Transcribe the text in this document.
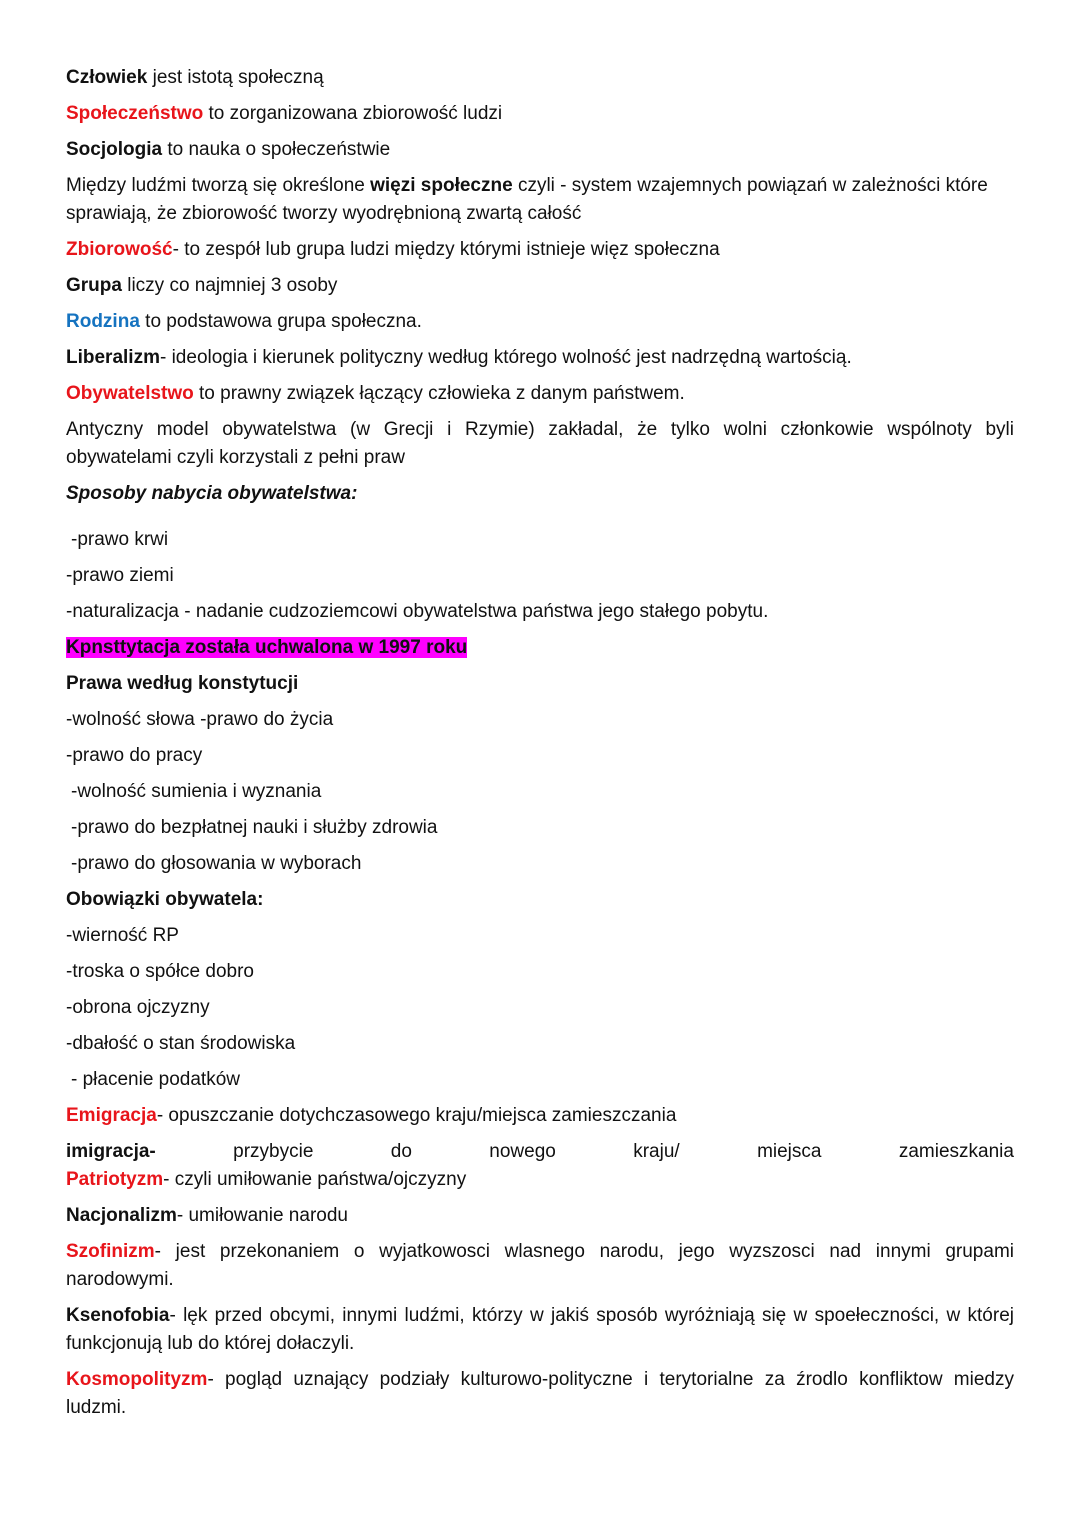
Człowiek jest istotą społeczną

Społeczeństwo to zorganizowana zbiorowość ludzi

Socjologia to nauka o społeczeństwie

Między ludźmi tworzą się określone więzi społeczne czyli - system wzajemnych powiązań w zależności które sprawiają, że zbiorowość tworzy wyodrębnioną zwartą całość

Zbiorowość- to zespół lub grupa ludzi między którymi istnieje więz społeczna

Grupa liczy co najmniej 3 osoby

Rodzina to podstawowa grupa społeczna.

Liberalizm- ideologia i kierunek polityczny według którego wolność jest nadrzędną wartością.

Obywatelstwo to prawny związek łączący człowieka z danym państwem.

Antyczny model obywatelstwa (w Grecji i Rzymie) zakładal, że tylko wolni członkowie wspólnoty byli obywatelami czyli korzystali z pełni praw

Sposoby nabycia obywatelstwa:

-prawo krwi

-prawo ziemi

-naturalizacja - nadanie cudzoziemcowi obywatelstwa państwa jego stałego pobytu.

Kpnsttytacja została uchwalona w 1997 roku

Prawa według konstytucji

-wolność słowa -prawo do życia

-prawo do pracy

-wolność sumienia i wyznania

-prawo do bezpłatnej nauki i służby zdrowia

-prawo do głosowania w wyborach

Obowiązki obywatela:

-wierność RP

-troska o spółce dobro

-obrona ojczyzny

-dbałość o stan środowiska

- płacenie podatków

Emigracja- opuszczanie dotychczasowego kraju/miejsca zamieszczania

imigracja-	przybycie	do	nowego	kraju/	miejsca	zamieszkania

Patriotyzm- czyli umiłowanie państwa/ojczyzny

Nacjonalizm- umiłowanie narodu

Szofinizm- jest przekonaniem o wyjatkowosci wlasnego narodu, jego wyzszosci nad innymi grupami narodowymi.

Ksenofobia- lęk przed obcymi, innymi ludźmi, którzy w jakiś sposób wyróżniają się w spoełeczności, w której funkcjonują lub do której dołaczyli.

Kosmopolityzm- pogląd uznający podziały kulturowo-polityczne i terytorialne za źrodlo konfliktow miedzy ludzmi.
